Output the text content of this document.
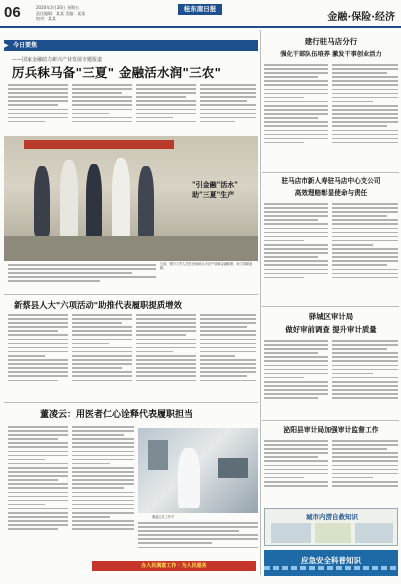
06	2020年3月20日 星期五
责任编辑：某某 美编：某某
校对：某某
桂东南日报
金融·保险·经济
▶ 今日要焦
——国家金融助力新兴产业发展专题报道
厉兵秣马备"三夏" 金融活水润"三农"
"引金融"活水"
助"三夏"生产
日前，银行工作人员在田间地头为农户讲解金融政策，助力春耕备耕。
新蔡县人大"六项活动"助推代表履职提质增效
董凌云：用医者仁心诠释代表履职担当
董凌云在工作中
办人民满意工作 · 为人民服务
建行驻马店分行
强化干部队伍培养 激发干事创业活力
驻马店市新人寿驻马店中心支公司
高效理赔彰显使命与责任
驿城区审计局
做好审前调查 提升审计质量
泌阳县审计局加强审计监督工作
城市内涝自救知识
应急安全科普知识
